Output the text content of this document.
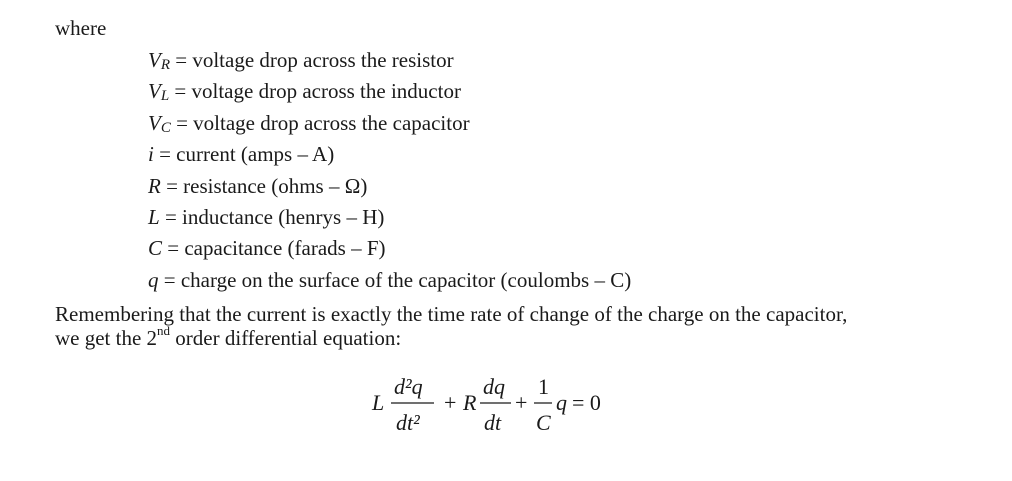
where
VR = voltage drop across the resistor
VL = voltage drop across the inductor
VC = voltage drop across the capacitor
i = current (amps – A)
R = resistance (ohms – Ω)
L = inductance (henrys – H)
C = capacitance (farads – F)
q = charge on the surface of the capacitor (coulombs – C)
Remembering that the current is exactly the time rate of change of the charge on the capacitor,
we get the 2nd order differential equation:
L
d²q
dt²
+ R
dq
dt
+
1
C
q = 0
